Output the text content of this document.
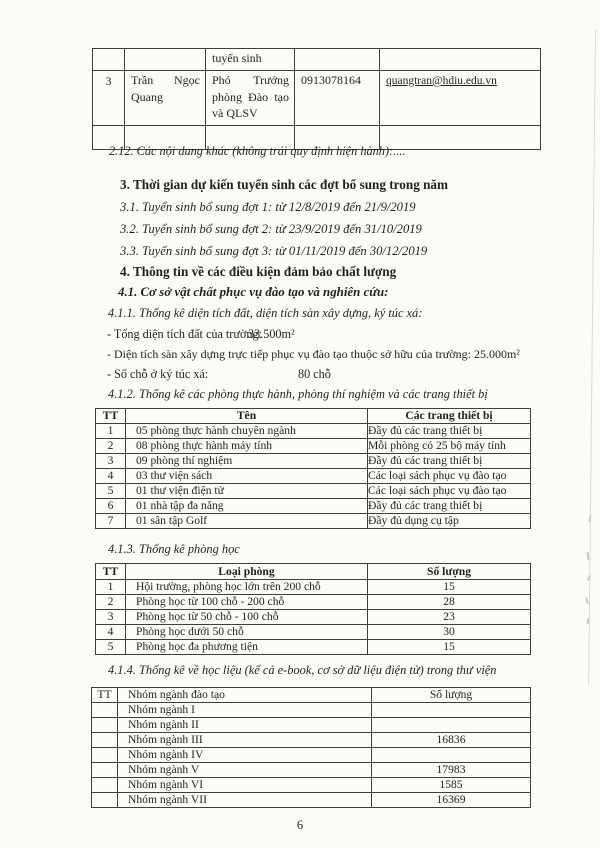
		tuyển sinh		
3	Trần Ngọc Quang	Phó Trưởng phòng Đào tạo và QLSV	0913078164	quangtran@hdiu.edu.vn

2.12. Các nội dung khác (không trái quy định hiện hành):....
3. Thời gian dự kiến tuyển sinh các đợt bổ sung trong năm
3.1. Tuyển sinh bổ sung đợt 1: từ 12/8/2019 đến 21/9/2019
3.2. Tuyển sinh bổ sung đợt 2: từ 23/9/2019 đến 31/10/2019
3.3. Tuyển sinh bổ sung đợt 3: từ 01/11/2019 đến 30/12/2019
4. Thông tin về các điều kiện đảm bảo chất lượng
4.1. Cơ sở vật chất phục vụ đào tạo và nghiên cứu:
4.1.1. Thống kê diện tích đất, diện tích sàn xây dựng, ký túc xá:
- Tổng diện tích đất của trường:
33.500m²
- Diện tích sàn xây dựng trực tiếp phục vụ đào tạo thuộc sở hữu của trường: 25.000m²
- Số chỗ ở ký túc xá:	80 chỗ
4.1.2. Thống kê các phòng thực hành, phòng thí nghiệm và các trang thiết bị
TT	Tên	Các trang thiết bị
1	05 phòng thực hành chuyên ngành	Đầy đủ các trang thiết bị
2	08 phòng thực hành máy tính	Mỗi phòng có 25 bộ máy tính
3	09 phòng thí nghiệm	Đầy đủ các trang thiết bị
4	03 thư viện sách	Các loại sách phục vụ đào tạo
5	01 thư viện điện tử	Các loại sách phục vụ đào tạo
6	01 nhà tập đa năng	Đầy đủ các trang thiết bị
7	01 sân tập Golf	Đầy đủ dụng cụ tập
4.1.3. Thống kê phòng học
TT	Loại phòng	Số lượng
1	Hội trường, phòng học lớn trên 200 chỗ	15
2	Phòng học từ 100 chỗ - 200 chỗ	28
3	Phòng học từ 50 chỗ - 100 chỗ	23
4	Phòng học dưới 50 chỗ	30
5	Phòng học đa phương tiện	15
4.1.4. Thống kê về học liệu (kể cả e-book, cơ sở dữ liệu điện tử) trong thư viện
TT	Nhóm ngành đào tạo	Số lượng
	Nhóm ngành I	
	Nhóm ngành II	
	Nhóm ngành III	16836
	Nhóm ngành IV	
	Nhóm ngành V	17983
	Nhóm ngành VI	1585
	Nhóm ngành VII	16369
6
